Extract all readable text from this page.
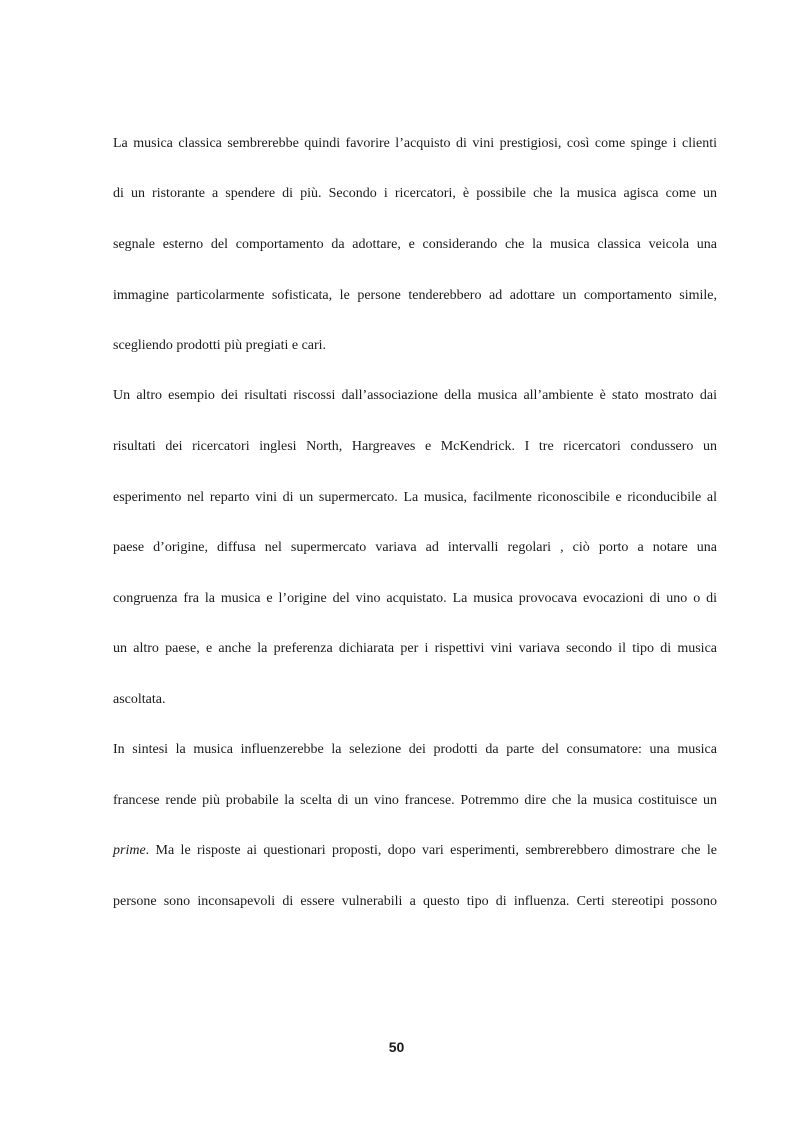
La musica classica sembrerebbe quindi favorire l’acquisto di vini prestigiosi, così come spinge i clienti
di un ristorante a spendere di più. Secondo i ricercatori, è possibile che la musica agisca come un
segnale esterno del comportamento da adottare, e considerando che la musica classica veicola una
immagine particolarmente sofisticata, le persone tenderebbero ad adottare un comportamento simile,
scegliendo prodotti più pregiati e cari.
Un altro esempio dei risultati riscossi dall’associazione della musica all’ambiente è stato mostrato dai
risultati dei ricercatori inglesi North, Hargreaves e McKendrick. I tre ricercatori condussero un
esperimento nel reparto vini di un supermercato. La musica, facilmente riconoscibile e riconducibile al
paese d’origine, diffusa nel supermercato variava ad intervalli regolari , ciò porto a notare una
congruenza fra la musica e l’origine del vino acquistato. La musica provocava evocazioni di uno o di
un altro paese, e anche la preferenza dichiarata per i rispettivi vini variava secondo il tipo di musica
ascoltata.
In sintesi la musica influenzerebbe la selezione dei prodotti da parte del consumatore: una musica
francese rende più probabile la scelta di un vino francese. Potremmo dire che la musica costituisce un
prime. Ma le risposte ai questionari proposti, dopo vari esperimenti, sembrerebbero dimostrare che le
persone sono inconsapevoli di essere vulnerabili a questo tipo di influenza. Certi stereotipi possono
50
